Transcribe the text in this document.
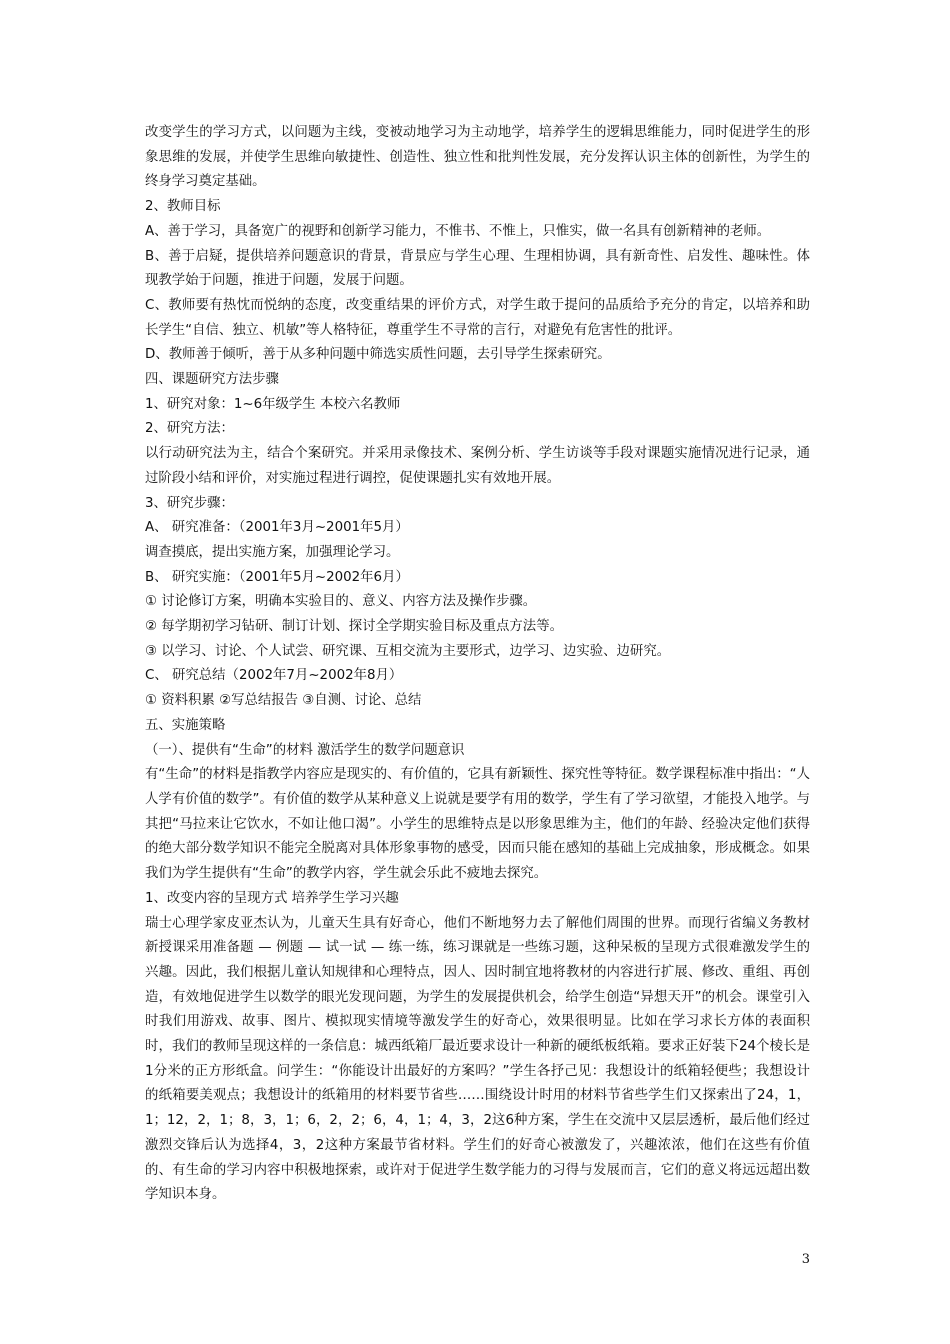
改变学生的学习方式，以问题为主线，变被动地学习为主动地学，培养学生的逻辑思维能力，同时促进学生的形象思维的发展，并使学生思维向敏捷性、创造性、独立性和批判性发展，充分发挥认识主体的创新性，为学生的终身学习奠定基础。

2、教师目标

A、善于学习，具备宽广的视野和创新学习能力，不惟书、不惟上，只惟实，做一名具有创新精神的老师。

B、善于启疑，提供培养问题意识的背景，背景应与学生心理、生理相协调，具有新奇性、启发性、趣味性。体现教学始于问题，推进于问题，发展于问题。

C、教师要有热忱而悦纳的态度，改变重结果的评价方式，对学生敢于提问的品质给予充分的肯定，以培养和助长学生“自信、独立、机敏”等人格特征，尊重学生不寻常的言行，对避免有危害性的批评。

D、教师善于倾听，善于从多种问题中筛选实质性问题，去引导学生探索研究。

四、课题研究方法步骤

1、研究对象：1~6年级学生 本校六名教师

2、研究方法：

以行动研究法为主，结合个案研究。并采用录像技术、案例分析、学生访谈等手段对课题实施情况进行记录，通过阶段小结和评价，对实施过程进行调控，促使课题扎实有效地开展。

3、研究步骤：

A、 研究准备：（2001年3月~2001年5月）

调查摸底，提出实施方案，加强理论学习。

B、 研究实施：（2001年5月~2002年6月）

① 讨论修订方案，明确本实验目的、意义、内容方法及操作步骤。

② 每学期初学习钻研、制订计划、探讨全学期实验目标及重点方法等。

③ 以学习、讨论、个人试尝、研究课、互相交流为主要形式，边学习、边实验、边研究。

C、 研究总结（2002年7月~2002年8月）

① 资料积累 ②写总结报告 ③自测、讨论、总结

五、实施策略

（一）、提供有“生命”的材料 激活学生的数学问题意识

有“生命”的材料是指教学内容应是现实的、有价值的，它具有新颖性、探究性等特征。数学课程标准中指出：“人人学有价值的数学”。有价值的数学从某种意义上说就是要学有用的数学，学生有了学习欲望，才能投入地学。与其把“马拉来让它饮水，不如让他口渴”。小学生的思维特点是以形象思维为主，他们的年龄、经验决定他们获得的绝大部分数学知识不能完全脱离对具体形象事物的感受，因而只能在感知的基础上完成抽象，形成概念。如果我们为学生提供有“生命”的教学内容，学生就会乐此不疲地去探究。

1、改变内容的呈现方式 培养学生学习兴趣

瑞士心理学家皮亚杰认为，儿童天生具有好奇心，他们不断地努力去了解他们周围的世界。而现行省编义务教材新授课采用准备题 — 例题 — 试一试 — 练一练，练习课就是一些练习题，这种呆板的呈现方式很难激发学生的兴趣。因此，我们根据儿童认知规律和心理特点，因人、因时制宜地将教材的内容进行扩展、修改、重组、再创造，有效地促进学生以数学的眼光发现问题，为学生的发展提供机会，给学生创造“异想天开”的机会。课堂引入时我们用游戏、故事、图片、模拟现实情境等激发学生的好奇心，效果很明显。比如在学习求长方体的表面积时，我们的教师呈现这样的一条信息：城西纸箱厂最近要求设计一种新的硬纸板纸箱。要求正好装下24个棱长是1分米的正方形纸盒。问学生：“你能设计出最好的方案吗？”学生各抒己见：我想设计的纸箱轻便些；我想设计的纸箱要美观点；我想设计的纸箱用的材料要节省些……围绕设计时用的材料节省些学生们又探索出了24，1，1；12，2，1；8，3，1；6，2，2；6，4，1；4，3，2这6种方案，学生在交流中又层层透析，最后他们经过激烈交锋后认为选择4，3，2这种方案最节省材料。学生们的好奇心被激发了，兴趣浓浓，他们在这些有价值的、有生命的学习内容中积极地探索，或许对于促进学生数学能力的习得与发展而言，它们的意义将远远超出数学知识本身。

3
